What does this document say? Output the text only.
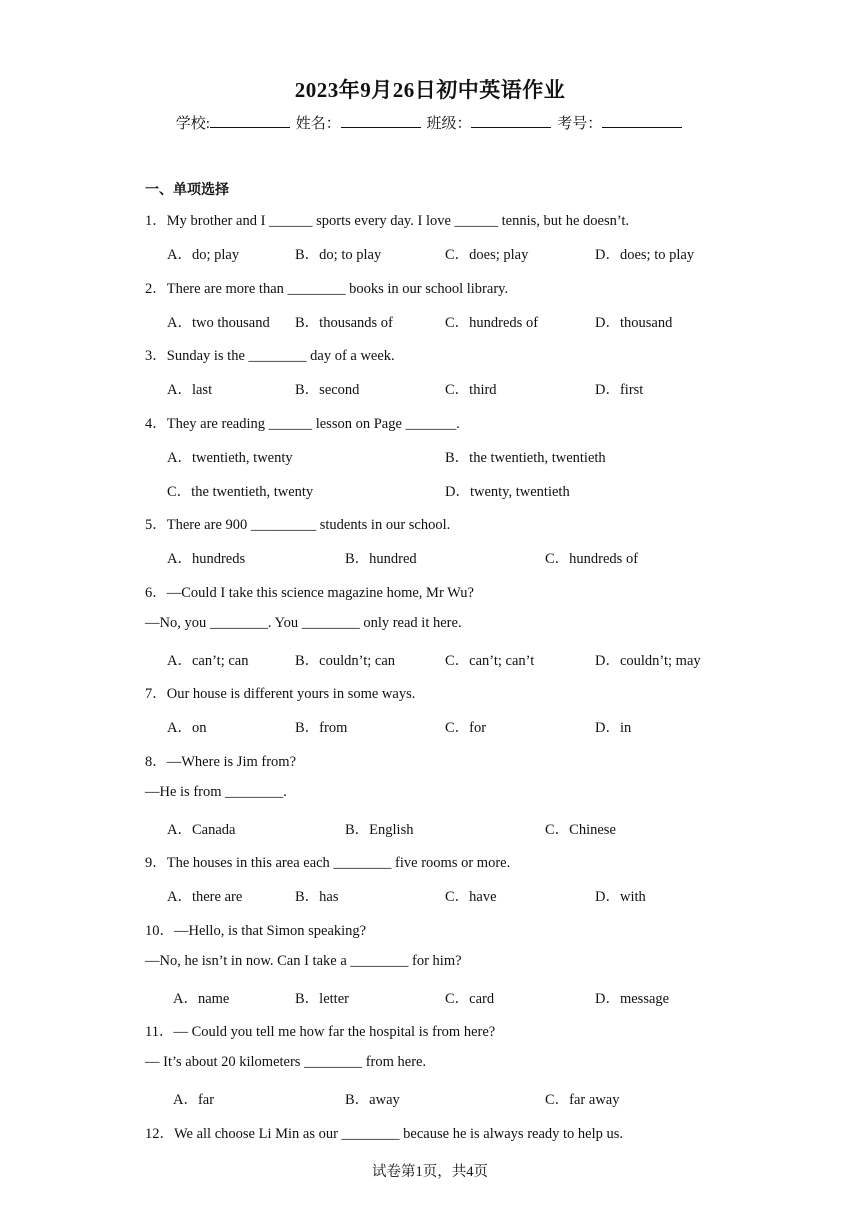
2023年9月26日初中英语作业
学校:	姓名：	班级：	考号：
一、单项选择
1．My brother and I ______ sports every day. I love ______ tennis, but he doesn’t.
A．do; play	B．do; to play	C．does; play	D．does; to play
2．There are more than ________ books in our school library.
A．two thousand B．thousands of	C．hundreds of	D．thousand
3．Sunday is the ________ day of a week.
A．last	B．second	C．third	D．first
4．They are reading ______ lesson on Page _______.
A．twentieth, twenty	B．the twentieth, twentieth
C．the twentieth, twenty	D．twenty, twentieth
5．There are 900 _________ students in our school.
A．hundreds	B．hundred	C．hundreds of
6．—Could I take this science magazine home, Mr Wu?
—No, you ________. You ________ only read it here.
A．can’t; can	B．couldn’t; can	C．can’t; can’t	D．couldn’t; may
7．Our house is different yours in some ways.
A．on	B．from	C．for	D．in
8．—Where is Jim from?
—He is from ________.
A．Canada	B．English	C．Chinese
9．The houses in this area each ________ five rooms or more.
A．there are	B．has	C．have	D．with
10．—Hello, is that Simon speaking?
—No, he isn’t in now. Can I take a ________ for him?
A．name	B．letter	C．card	D．message
11．— Could you tell me how far the hospital is from here?
— It’s about 20 kilometers ________ from here.
A．far	B．away	C．far away
12．We all choose Li Min as our ________ because he is always ready to help us.
试卷第1页，共4页
